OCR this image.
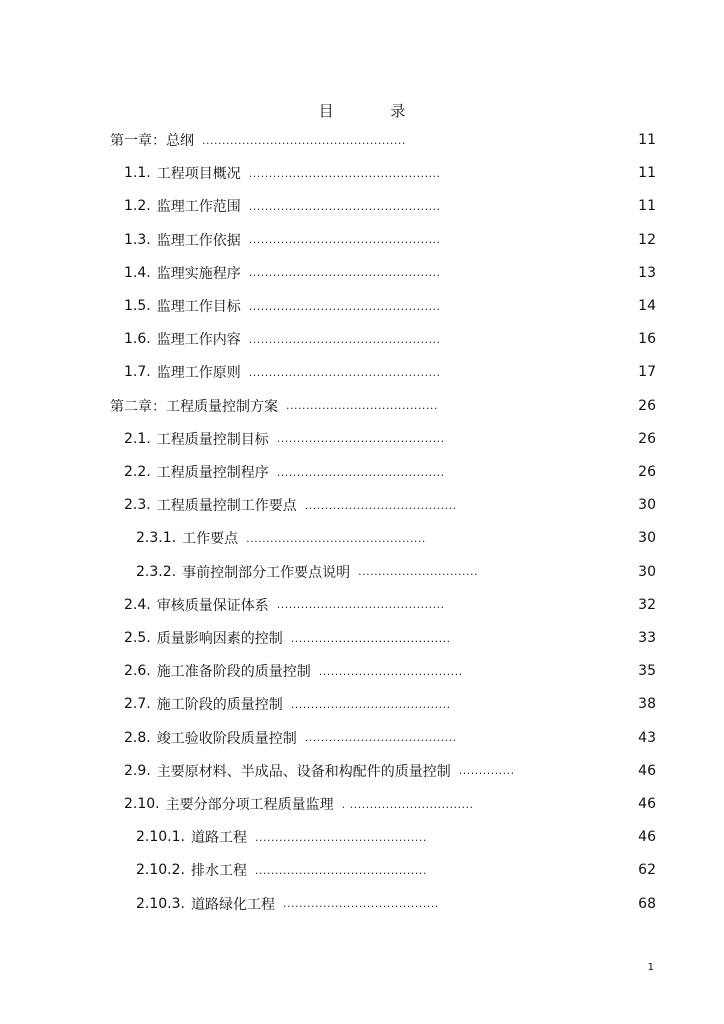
目 录
第一章：总纲 ...................................................	11
1.1. 工程项目概况 ................................................	11
1.2. 监理工作范围 ................................................	11
1.3. 监理工作依据 ................................................	12
1.4. 监理实施程序 ................................................	13
1.5. 监理工作目标 ................................................	14
1.6. 监理工作内容 ................................................	16
1.7. 监理工作原则 ................................................	17
第二章：工程质量控制方案 ......................................	26
2.1. 工程质量控制目标 ..........................................	26
2.2. 工程质量控制程序 ..........................................	26
2.3. 工程质量控制工作要点 ......................................	30
2.3.1. 工作要点 .............................................	30
2.3.2. 事前控制部分工作要点说明 ..............................	30
2.4. 审核质量保证体系 ..........................................	32
2.5. 质量影响因素的控制 ........................................	33
2.6. 施工准备阶段的质量控制 ....................................	35
2.7. 施工阶段的质量控制 ........................................	38
2.8. 竣工验收阶段质量控制 ......................................	43
2.9. 主要原材料、半成品、设备和构配件的质量控制 ..............	46
2.10. 主要分部分项工程质量监理 . ...............................	46
2.10.1. 道路工程 ...........................................	46
2.10.2. 排水工程 ...........................................	62
2.10.3. 道路绿化工程 .......................................	68
1
